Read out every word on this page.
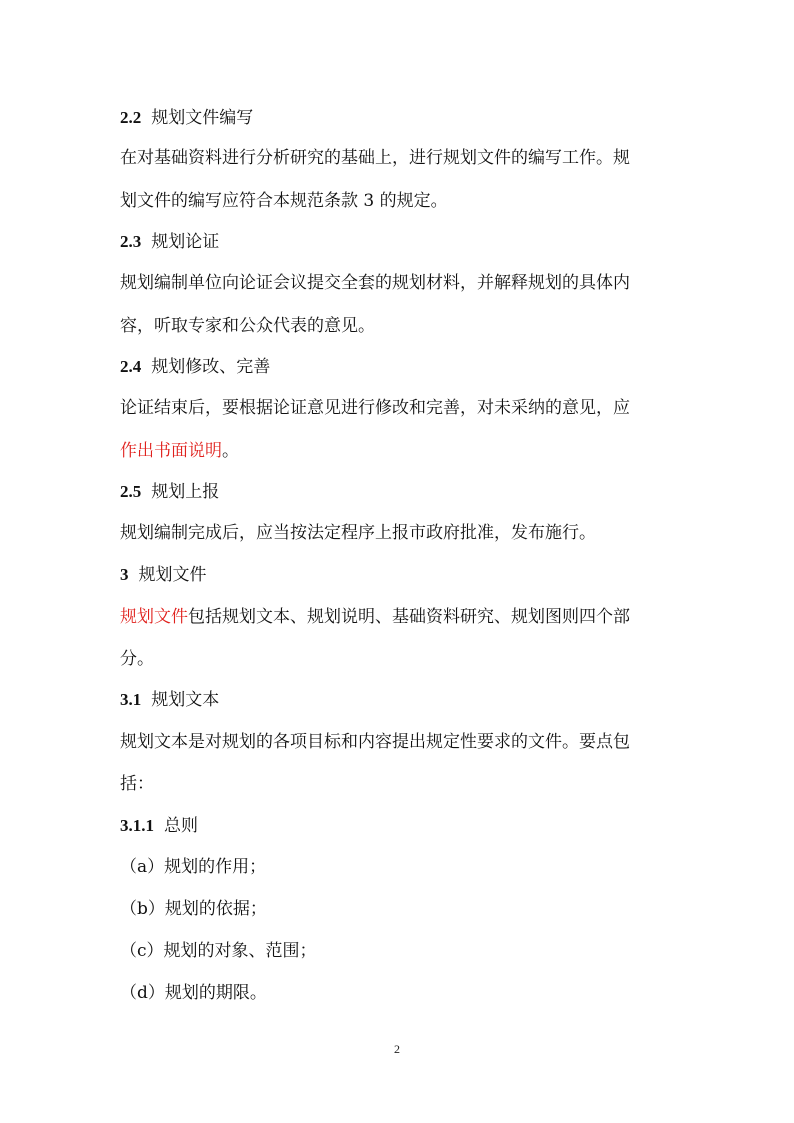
2.2 规划文件编写
在对基础资料进行分析研究的基础上，进行规划文件的编写工作。规
划文件的编写应符合本规范条款 3 的规定。
2.3 规划论证
规划编制单位向论证会议提交全套的规划材料，并解释规划的具体内
容，听取专家和公众代表的意见。
2.4 规划修改、完善
论证结束后，要根据论证意见进行修改和完善，对未采纳的意见，应
作出书面说明。
2.5 规划上报
规划编制完成后，应当按法定程序上报市政府批准，发布施行。
3 规划文件
规划文件包括规划文本、规划说明、基础资料研究、规划图则四个部
分。
3.1 规划文本
规划文本是对规划的各项目标和内容提出规定性要求的文件。要点包
括：
3.1.1 总则
（a）规划的作用；
（b）规划的依据；
（c）规划的对象、范围；
（d）规划的期限。
2
